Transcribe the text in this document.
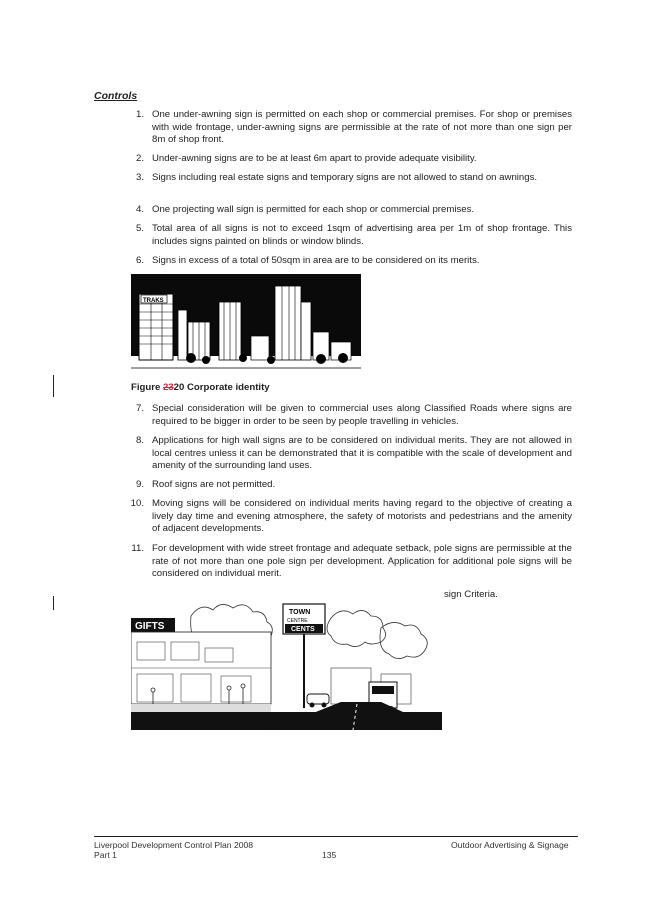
Controls
1. One under-awning sign is permitted on each shop or commercial premises. For shop or premises with wide frontage, under-awning signs are permissible at the rate of not more than one sign per 8m of shop front.
2. Under-awning signs are to be at least 6m apart to provide adequate visibility.
3. Signs including real estate signs and temporary signs are not allowed to stand on awnings.
4. One projecting wall sign is permitted for each shop or commercial premises.
5. Total area of all signs is not to exceed 1sqm of advertising area per 1m of shop frontage. This includes signs painted on blinds or window blinds.
6. Signs in excess of a total of 50sqm in area are to be considered on its merits.
TRAKS
Figure 2320 Corporate identity
7. Special consideration will be given to commercial uses along Classified Roads where signs are required to be bigger in order to be seen by people travelling in vehicles.
8. Applications for high wall signs are to be considered on individual merits. They are not allowed in local centres unless it can be demonstrated that it is compatible with the scale of development and amenity of the surrounding land uses.
9. Roof signs are not permitted.
10. Moving signs will be considered on individual merits having regard to the objective of creating a lively day time and evening atmosphere, the safety of motorists and pedestrians and the amenity of adjacent developments.
11. For development with wide street frontage and adequate setback, pole signs are permissible at the rate of not more than one pole sign per development. Application for additional pole signs will be considered on individual merit.
sign Criteria.
GIFTS
TOWN
CENTRE
CENTS
Liverpool Development Control Plan 2008
Part 1	135
Outdoor Advertising & Signage
